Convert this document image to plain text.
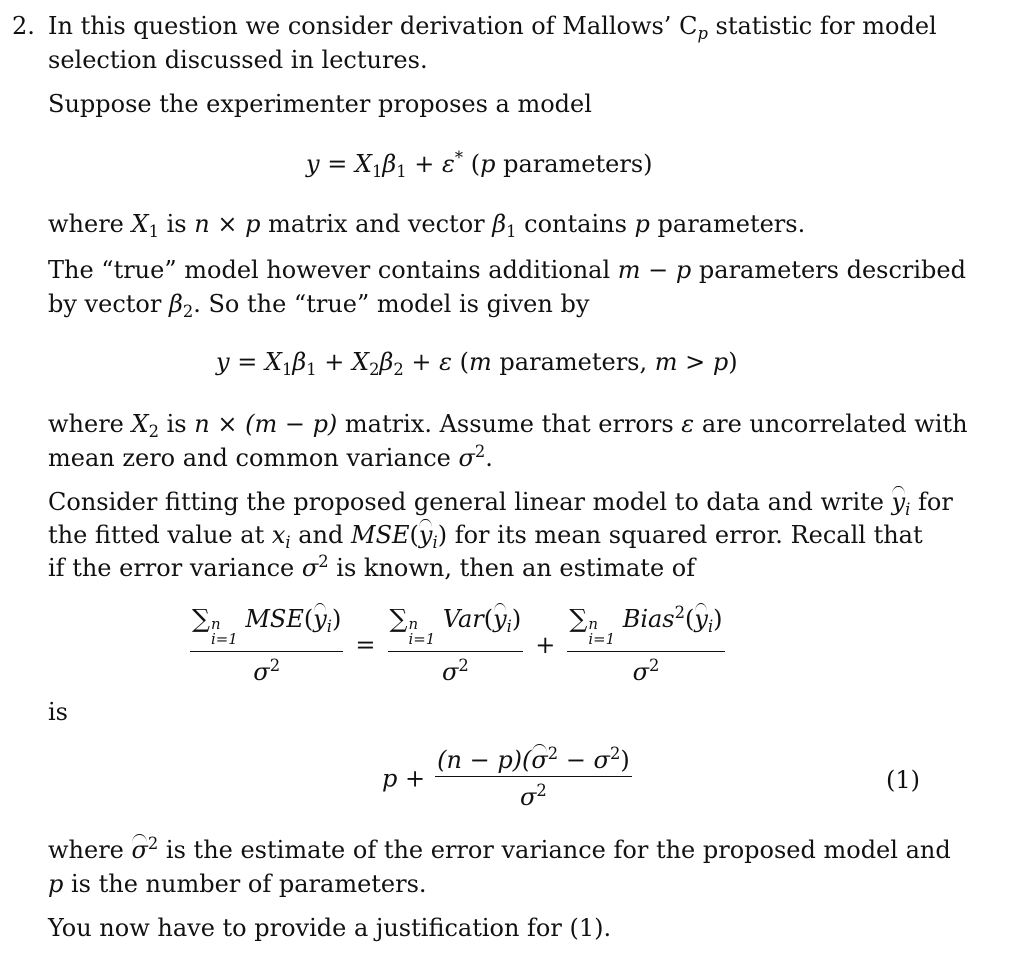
2. In this question we consider derivation of Mallows’ $C_p$ statistic for model
selection discussed in lectures.
Suppose the experimenter proposes a model
$y = X_1\beta_1 + \varepsilon^*$ (p parameters)
where $X_1$ is n × p matrix and vector $\beta_1$ contains p parameters.
The “true” model however contains additional m − p parameters described
by vector $\beta_2$. So the “true” model is given by
$y = X_1\beta_1 + X_2\beta_2 + \varepsilon$ (m parameters, m > p)
where $X_2$ is n × (m − p) matrix. Assume that errors ε are uncorrelated with
mean zero and common variance $\sigma^2$.
Consider fitting the proposed general linear model to data and write $y_i$ for
the fitted value at $x_i$ and $MSE(y_i)$ for its mean squared error. Recall that
if the error variance $\sigma^2$ is known, then an estimate of
∑ n
i=1
$MSE(y_i)$
$\sigma^2$ = ∑ n
i=1
$Var(y_i)$
$\sigma^2$ + ∑ n
i=1
$Bias^2(y_i)$
$\sigma^2$
is
$p + \frac{(n - p)(\sigma^2 - \sigma^2)}{\sigma^2}$	(1)
where $\sigma^2$ is the estimate of the error variance for the proposed model and
p is the number of parameters.
You now have to provide a justification for (1).
